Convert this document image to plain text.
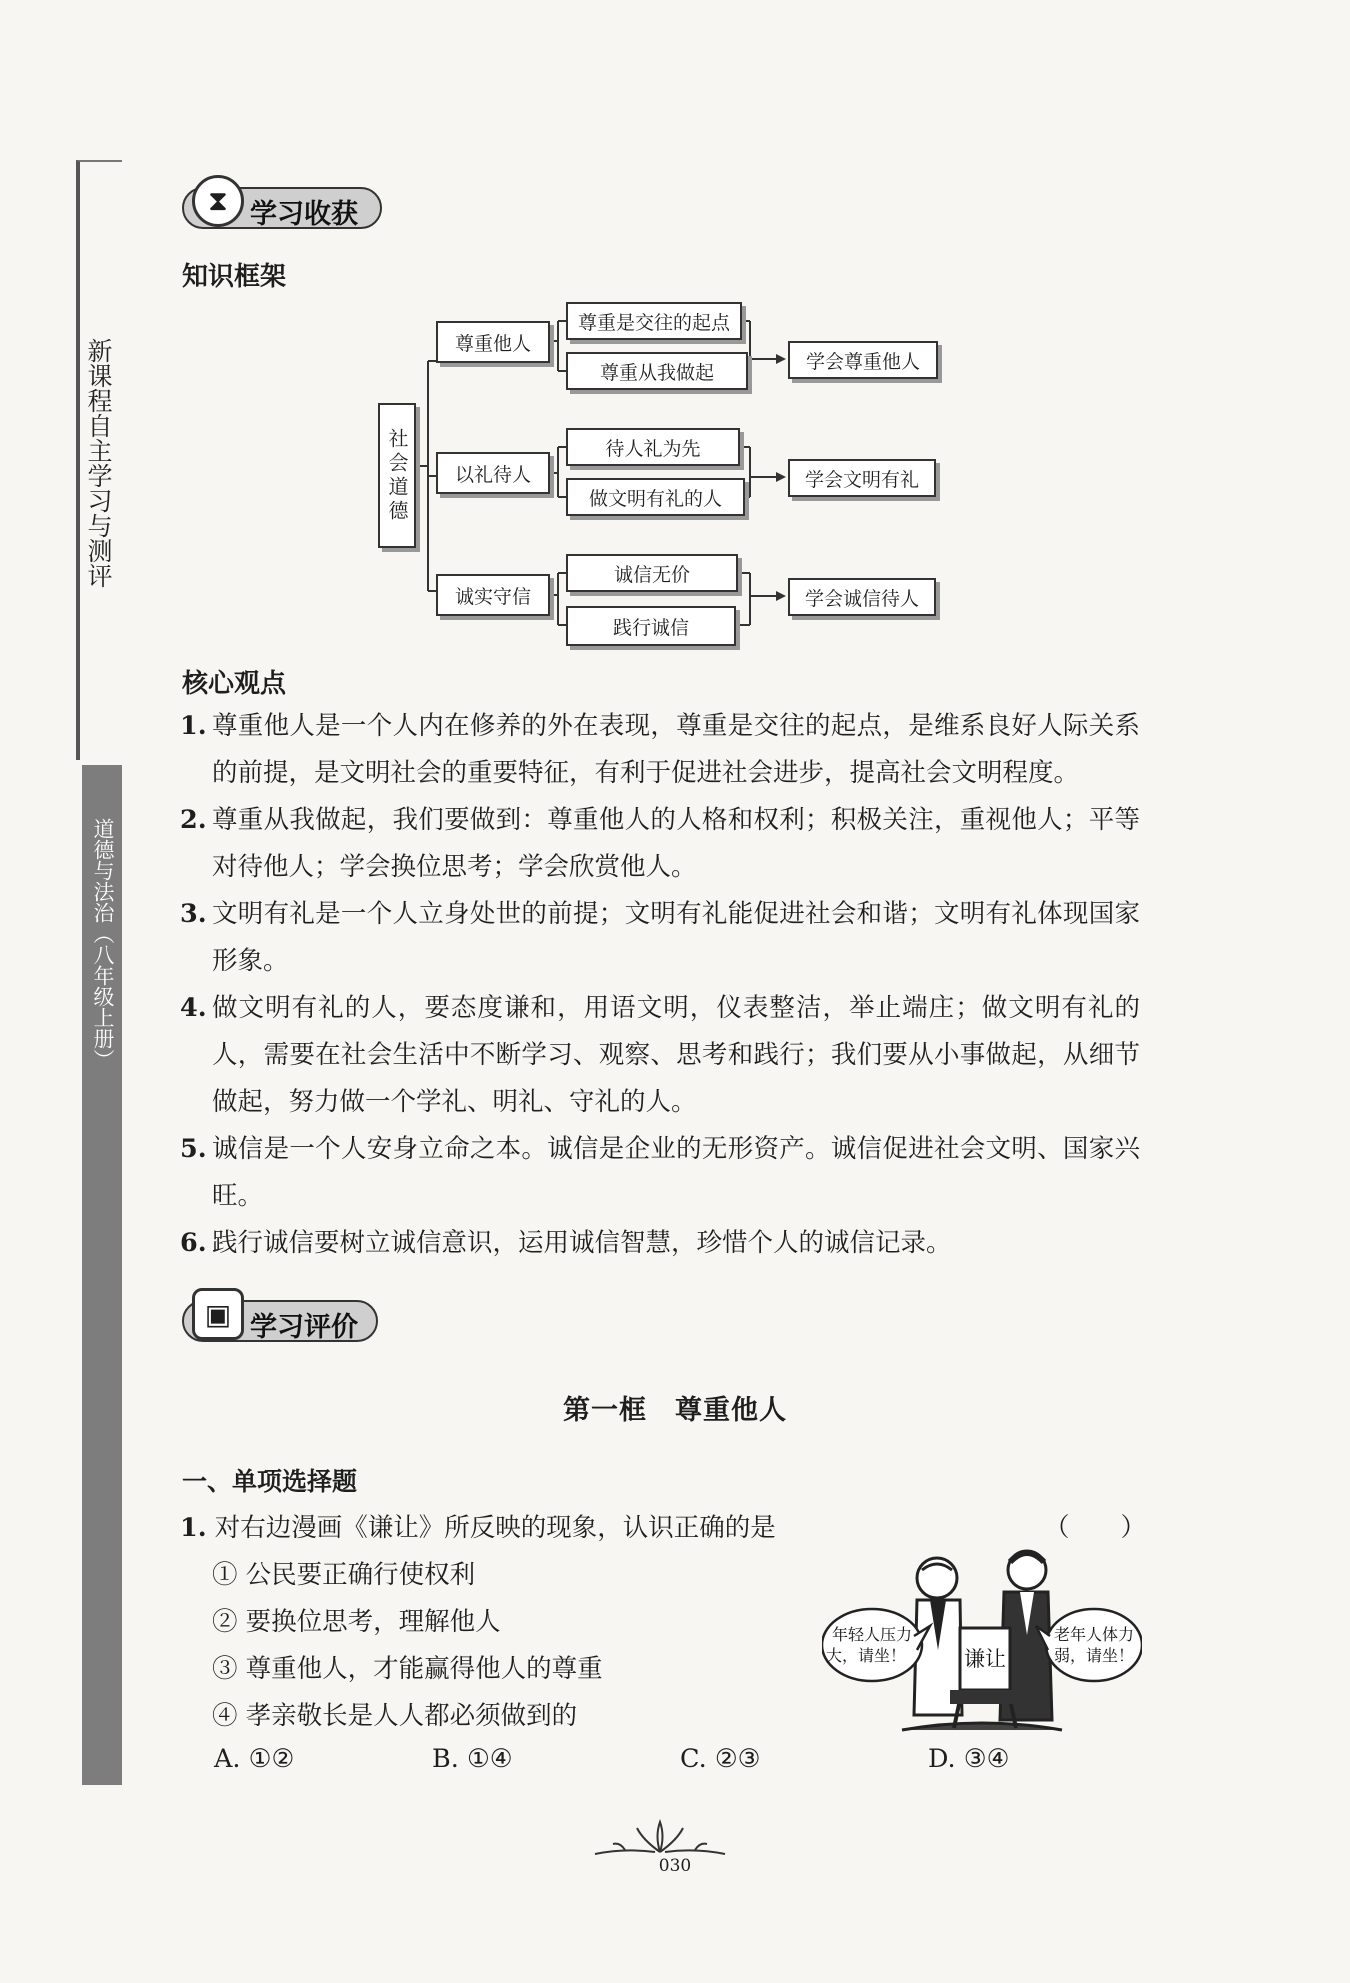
新课程自主学习与测评
道德与法治（八年级上册）
⧗ 学习收获
知识框架
社会道德
尊重他人
尊重是交往的起点
尊重从我做起	学会尊重他人
以礼待人
待人礼为先
做文明有礼的人
学会文明有礼
诚实守信
诚信无价
践行诚信
学会诚信待人
核心观点
1. 尊重他人是一个人内在修养的外在表现，尊重是交往的起点，是维系良好人际关系的前提，是文明社会的重要特征，有利于促进社会进步，提高社会文明程度。
2. 尊重从我做起，我们要做到：尊重他人的人格和权利；积极关注，重视他人；平等对待他人；学会换位思考；学会欣赏他人。
3. 文明有礼是一个人立身处世的前提；文明有礼能促进社会和谐；文明有礼体现国家形象。
4. 做文明有礼的人，要态度谦和，用语文明，仪表整洁，举止端庄；做文明有礼的人，需要在社会生活中不断学习、观察、思考和践行；我们要从小事做起，从细节做起，努力做一个学礼、明礼、守礼的人。
5. 诚信是一个人安身立命之本。诚信是企业的无形资产。诚信促进社会文明、国家兴旺。
6. 践行诚信要树立诚信意识，运用诚信智慧，珍惜个人的诚信记录。
▣ 学习评价
第一框　尊重他人
一、单项选择题
1. 对右边漫画《谦让》所反映的现象，认识正确的是	（　　）
① 公民要正确行使权利
② 要换位思考，理解他人
③ 尊重他人，才能赢得他人的尊重
④ 孝亲敬长是人人都必须做到的
A. ①②	B. ①④	C. ②③	D. ③④
谦让
年轻人压力
大，请坐！
老年人体力
弱，请坐！
030
